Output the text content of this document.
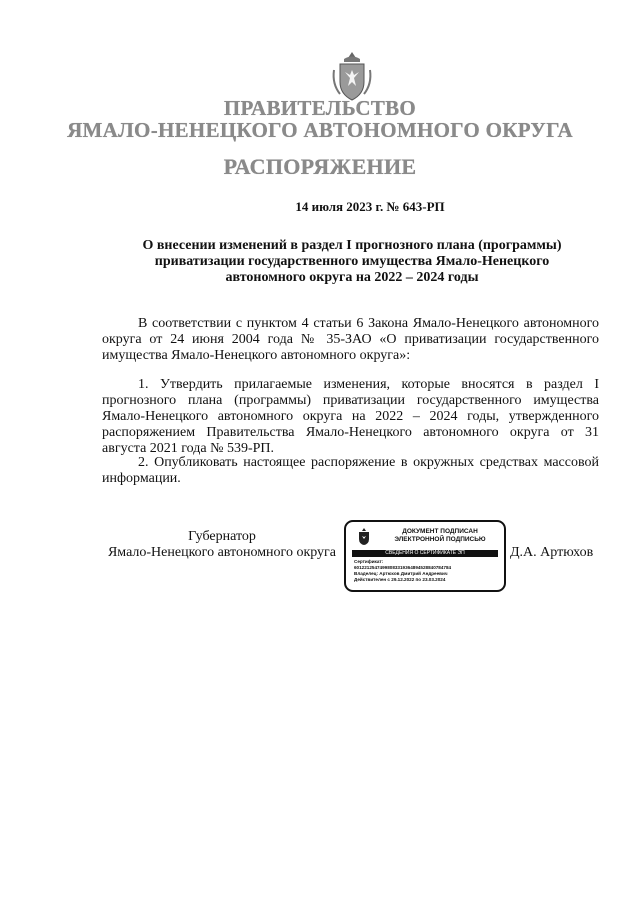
ПРАВИТЕЛЬСТВО
ЯМАЛО-НЕНЕЦКОГО АВТОНОМНОГО ОКРУГА
РАСПОРЯЖЕНИЕ
14 июля 2023 г. № 643-РП
О внесении изменений в раздел I прогнозного плана (программы)
приватизации государственного имущества Ямало-Ненецкого
автономного округа на 2022 – 2024 годы
В соответствии с пунктом 4 статьи 6 Закона Ямало-Ненецкого автономного округа от 24 июня 2004 года № 35-ЗАО «О приватизации государственного имущества Ямало-Ненецкого автономного округа»:
1. Утвердить прилагаемые изменения, которые вносятся в раздел I прогнозного плана (программы) приватизации государственного имущества Ямало-Ненецкого автономного округа на 2022 – 2024 годы, утвержденного распоряжением Правительства Ямало-Ненецкого автономного округа от 31 августа 2021 года № 539-РП.
2. Опубликовать настоящее распоряжение в окружных средствах массовой информации.
Губернатор
Ямало-Ненецкого автономного округа	Д.А. Артюхов
ДОКУМЕНТ ПОДПИСАН
ЭЛЕКТРОННОЙ ПОДПИСЬЮ
СВЕДЕНИЯ О СЕРТИФИКАТЕ ЭП
Сертификат:
60122125474998083319364894528840784784
Владелец: Артюхов Дмитрий Андреевич
Действителен с 29.12.2022 по 23.03.2024
